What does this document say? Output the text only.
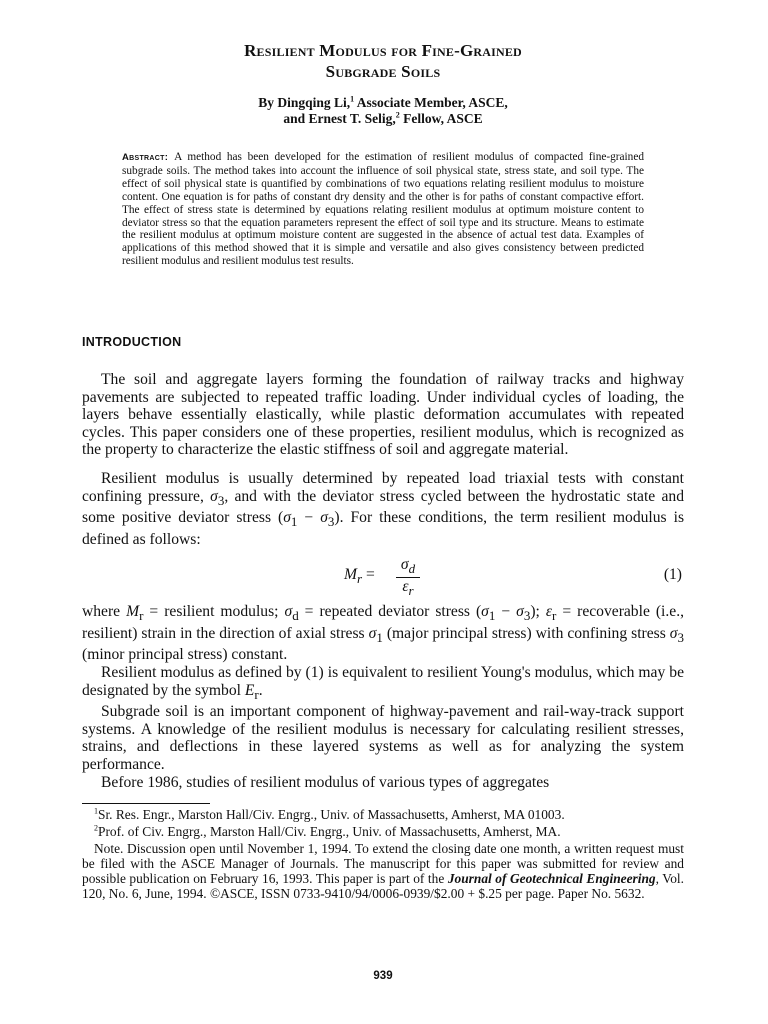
Resilient Modulus for Fine-Grained
Subgrade Soils
By Dingqing Li,$^1$ Associate Member, ASCE,
and Ernest T. Selig,$^2$ Fellow, ASCE
Abstract: A method has been developed for the estimation of resilient modulus of compacted fine-grained subgrade soils. The method takes into account the influence of soil physical state, stress state, and soil type. The effect of soil physical state is quantified by combinations of two equations relating resilient modulus to moisture content. One equation is for paths of constant dry density and the other is for paths of constant compactive effort. The effect of stress state is determined by equations relating resilient modulus at optimum moisture content to deviator stress so that the equation parameters represent the effect of soil type and its structure. Means to estimate the resilient modulus at optimum moisture content are suggested in the absence of actual test data. Examples of applications of this method showed that it is simple and versatile and also gives consistency between predicted resilient modulus and resilient modulus test results.
INTRODUCTION

The soil and aggregate layers forming the foundation of railway tracks and highway pavements are subjected to repeated traffic loading. Under individual cycles of loading, the layers behave essentially elastically, while plastic deformation accumulates with repeated cycles. This paper considers one of these properties, resilient modulus, which is recognized as the property to characterize the elastic stiffness of soil and aggregate material.

Resilient modulus is usually determined by repeated load triaxial tests with constant confining pressure, $\sigma_3$, and with the deviator stress cycled between the hydrostatic state and some positive deviator stress $(\sigma_1 - \sigma_3)$. For these conditions, the term resilient modulus is defined as follows:

$M_r = \frac{\sigma_d}{\varepsilon_r}$	(1)

where $M_r$ = resilient modulus; $\sigma_d$ = repeated deviator stress $(\sigma_1 - \sigma_3)$; $\varepsilon_r$ = recoverable (i.e., resilient) strain in the direction of axial stress $\sigma_1$ (major principal stress) with confining stress $\sigma_3$ (minor principal stress) constant.

Resilient modulus as defined by (1) is equivalent to resilient Young's modulus, which may be designated by the symbol $E_r$.

Subgrade soil is an important component of highway-pavement and rail-way-track support systems. A knowledge of the resilient modulus is necessary for calculating resilient stresses, strains, and deflections in these layered systems as well as for analyzing the system performance.

Before 1986, studies of resilient modulus of various types of aggregates

$^1$Sr. Res. Engr., Marston Hall/Civ. Engrg., Univ. of Massachusetts, Amherst, MA 01003.

$^2$Prof. of Civ. Engrg., Marston Hall/Civ. Engrg., Univ. of Massachusetts, Amherst, MA.

Note. Discussion open until November 1, 1994. To extend the closing date one month, a written request must be filed with the ASCE Manager of Journals. The manuscript for this paper was submitted for review and possible publication on February 16, 1993. This paper is part of the Journal of Geotechnical Engineering, Vol. 120, No. 6, June, 1994. ©ASCE, ISSN 0733-9410/94/0006-0939/$2.00 + $.25 per page. Paper No. 5632.

939
